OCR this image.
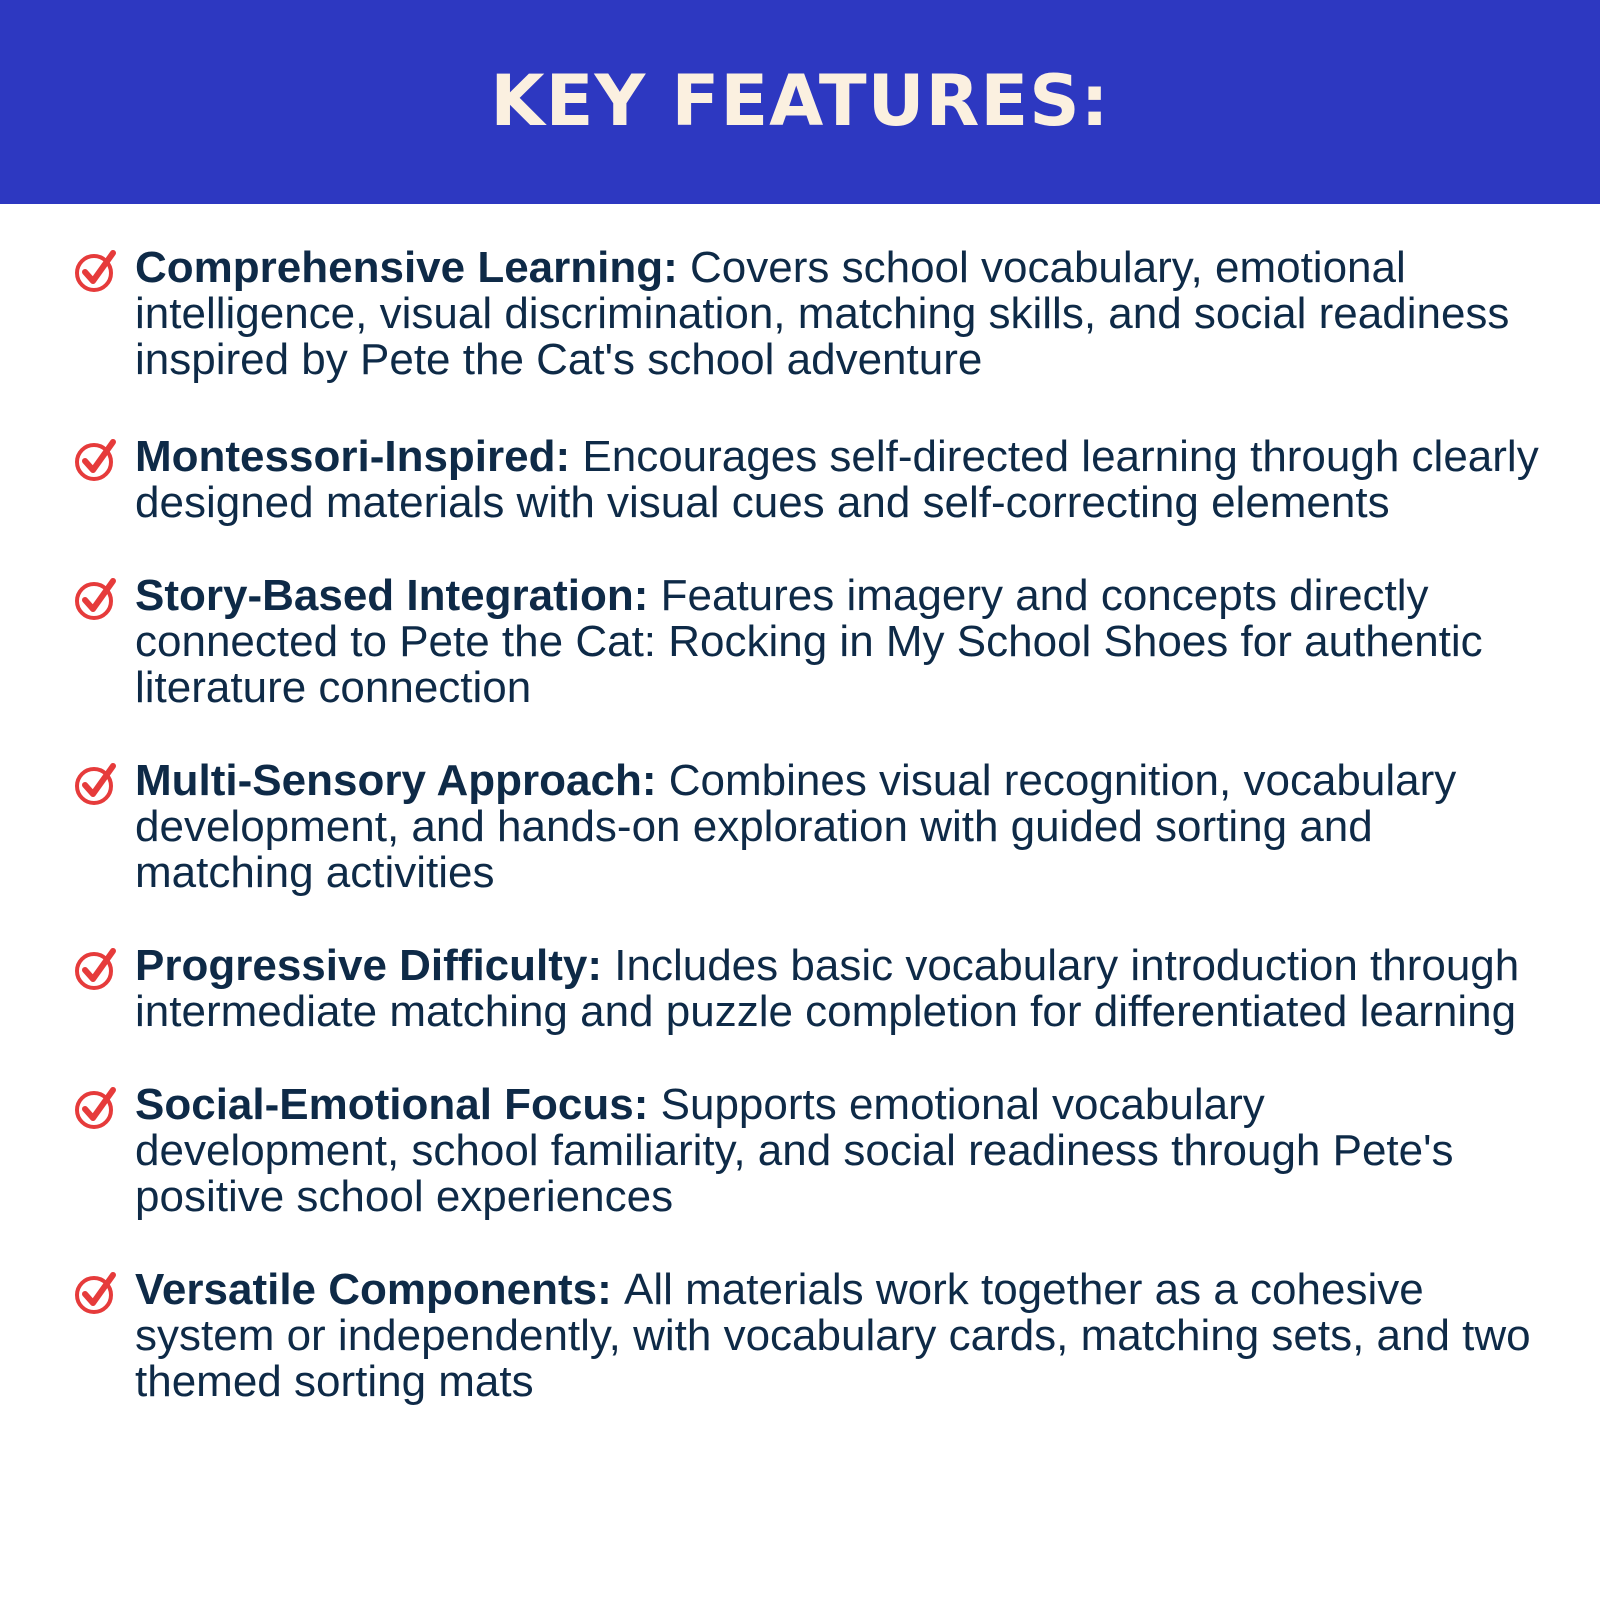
KEY FEATURES:
Comprehensive Learning: Covers school vocabulary, emotional intelligence, visual discrimination, matching skills, and social readiness inspired by Pete the Cat's school adventure
Montessori-Inspired: Encourages self-directed learning through clearly designed materials with visual cues and self-correcting elements
Story-Based Integration: Features imagery and concepts directly connected to Pete the Cat: Rocking in My School Shoes for authentic literature connection
Multi-Sensory Approach: Combines visual recognition, vocabulary development, and hands-on exploration with guided sorting and matching activities
Progressive Difficulty: Includes basic vocabulary introduction through intermediate matching and puzzle completion for differentiated learning
Social-Emotional Focus: Supports emotional vocabulary development, school familiarity, and social readiness through Pete's positive school experiences
Versatile Components: All materials work together as a cohesive system or independently, with vocabulary cards, matching sets, and two themed sorting mats
